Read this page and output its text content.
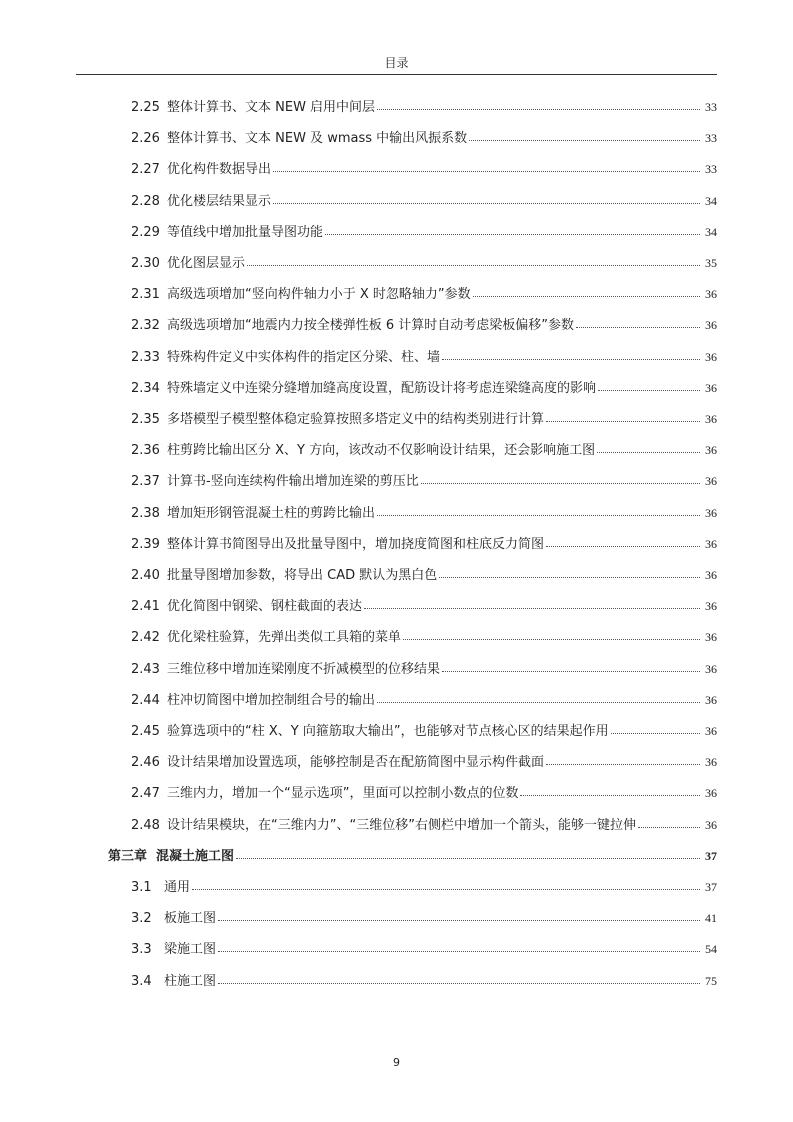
目录
2.25 整体计算书、文本 NEW 启用中间层	33
2.26 整体计算书、文本 NEW 及 wmass 中输出风振系数	33
2.27 优化构件数据导出	33
2.28 优化楼层结果显示	34
2.29 等值线中增加批量导图功能	34
2.30 优化图层显示	35
2.31 高级选项增加“竖向构件轴力小于 X 时忽略轴力”参数	36
2.32 高级选项增加“地震内力按全楼弹性板 6 计算时自动考虑梁板偏移”参数	36
2.33 特殊构件定义中实体构件的指定区分梁、柱、墙	36
2.34 特殊墙定义中连梁分缝增加缝高度设置，配筋设计将考虑连梁缝高度的影响	36
2.35 多塔模型子模型整体稳定验算按照多塔定义中的结构类别进行计算	36
2.36 柱剪跨比输出区分 X、Y 方向，该改动不仅影响设计结果，还会影响施工图	36
2.37 计算书-竖向连续构件输出增加连梁的剪压比	36
2.38 增加矩形钢管混凝土柱的剪跨比输出	36
2.39 整体计算书简图导出及批量导图中，增加挠度简图和柱底反力简图	36
2.40 批量导图增加参数，将导出 CAD 默认为黑白色	36
2.41 优化简图中钢梁、钢柱截面的表达	36
2.42 优化梁柱验算，先弹出类似工具箱的菜单	36
2.43 三维位移中增加连梁刚度不折减模型的位移结果	36
2.44 柱冲切简图中增加控制组合号的输出	36
2.45 验算选项中的“柱 X、Y 向箍筋取大输出”，也能够对节点核心区的结果起作用	36
2.46 设计结果增加设置选项，能够控制是否在配筋简图中显示构件截面	36
2.47 三维内力，增加一个“显示选项”，里面可以控制小数点的位数	36
2.48 设计结果模块，在“三维内力”、“三维位移”右侧栏中增加一个箭头，能够一键拉伸	36
第三章 混凝土施工图	37
3.1 通用	37
3.2 板施工图	41
3.3 梁施工图	54
3.4 柱施工图	75
9
